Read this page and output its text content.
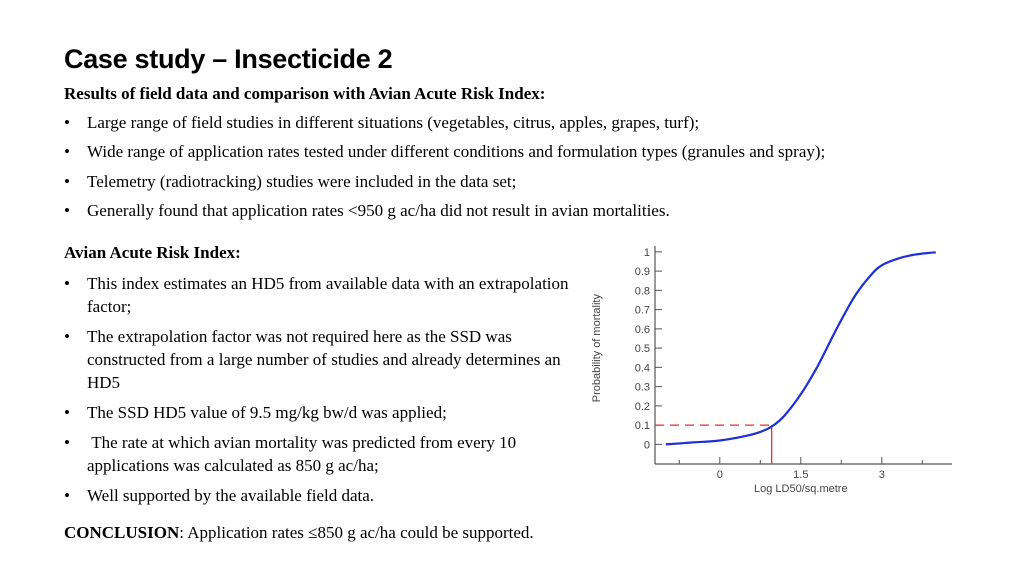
Case study – Insecticide 2
Results of field data and comparison with Avian Acute Risk Index:
• Large range of field studies in different situations (vegetables, citrus, apples, grapes, turf);
• Wide range of application rates tested under different conditions and formulation types (granules and spray);
• Telemetry (radiotracking) studies were included in the data set;
• Generally found that application rates <950 g ac/ha did not result in avian mortalities.
Avian Acute Risk Index:
• This index estimates an HD5 from available data with an extrapolation factor;
• The extrapolation factor was not required here as the SSD was constructed from a large number of studies and already determines an HD5
• The SSD HD5 value of 9.5 mg/kg bw/d was applied;
• The rate at which avian mortality was predicted from every 10 applications was calculated as 850 g ac/ha;
• Well supported by the available field data.
CONCLUSION: Application rates ≤850 g ac/ha could be supported.
0
0.1
0.2
0.3
0.4
0.5
0.6
0.7
0.8
0.9
1
0	1.5	3
Log LD50/sq.metre
Probability of mortality
